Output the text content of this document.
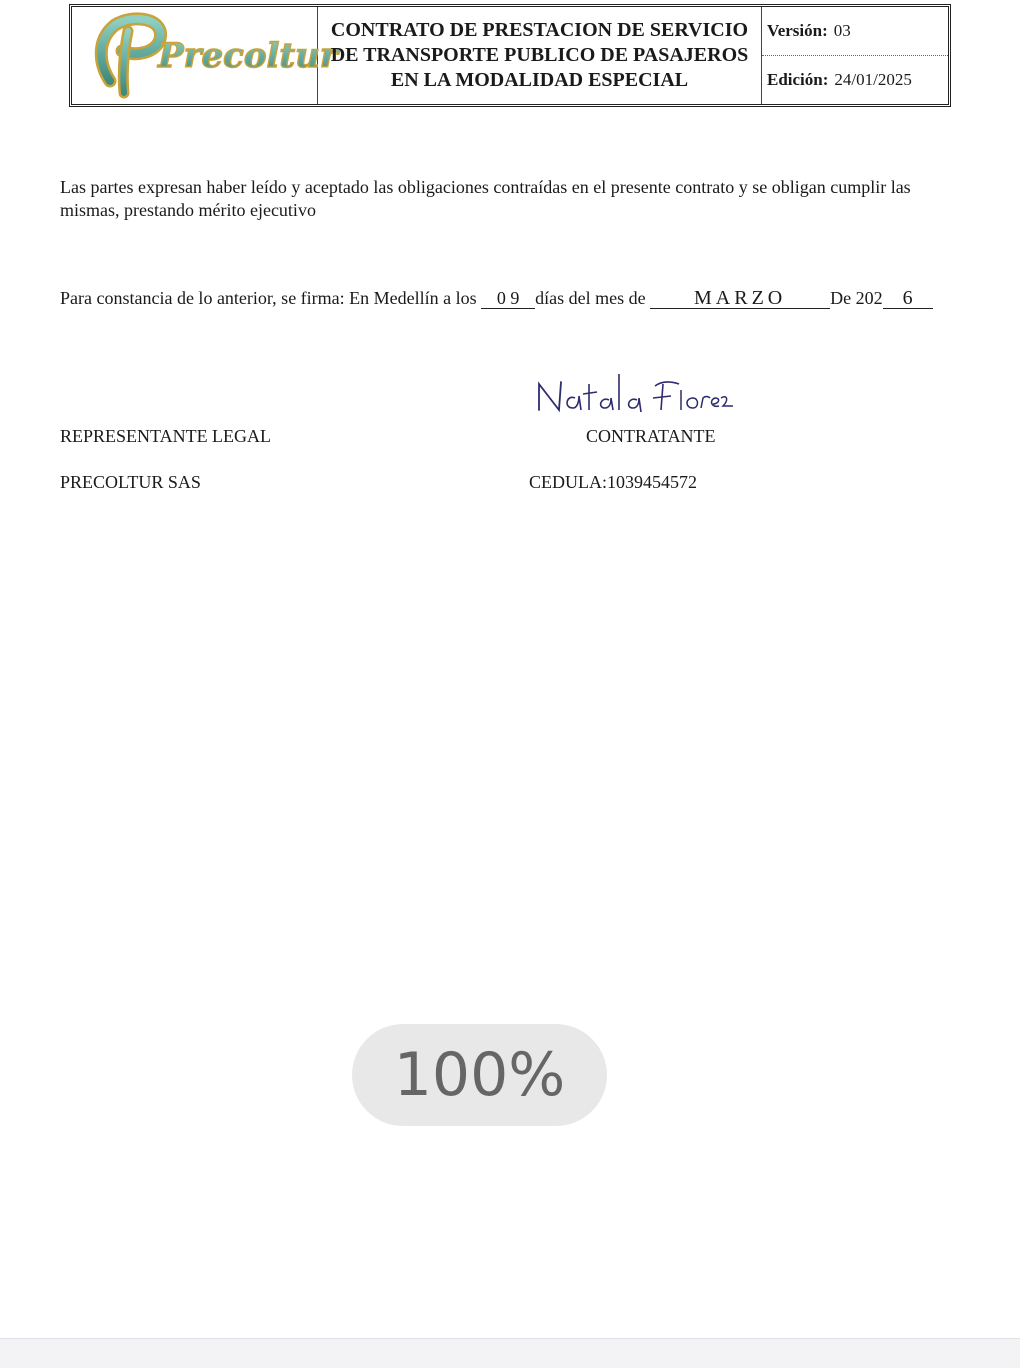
Precoltur
CONTRATO DE PRESTACION DE SERVICIO
DE TRANSPORTE PUBLICO DE PASAJEROS
EN LA MODALIDAD ESPECIAL
Versión: 03
Edición: 24/01/2025

Las partes expresan haber leído y aceptado las obligaciones contraídas en el presente contrato y se obligan cumplir las mismas, prestando mérito ejecutivo

Para constancia de lo anterior, se firma: En Medellín a los 0 9 días del mes de MARZO De 202 6

REPRESENTANTE LEGAL	CONTRATANTE
PRECOLTUR SAS	CEDULA:1039454572
100%
